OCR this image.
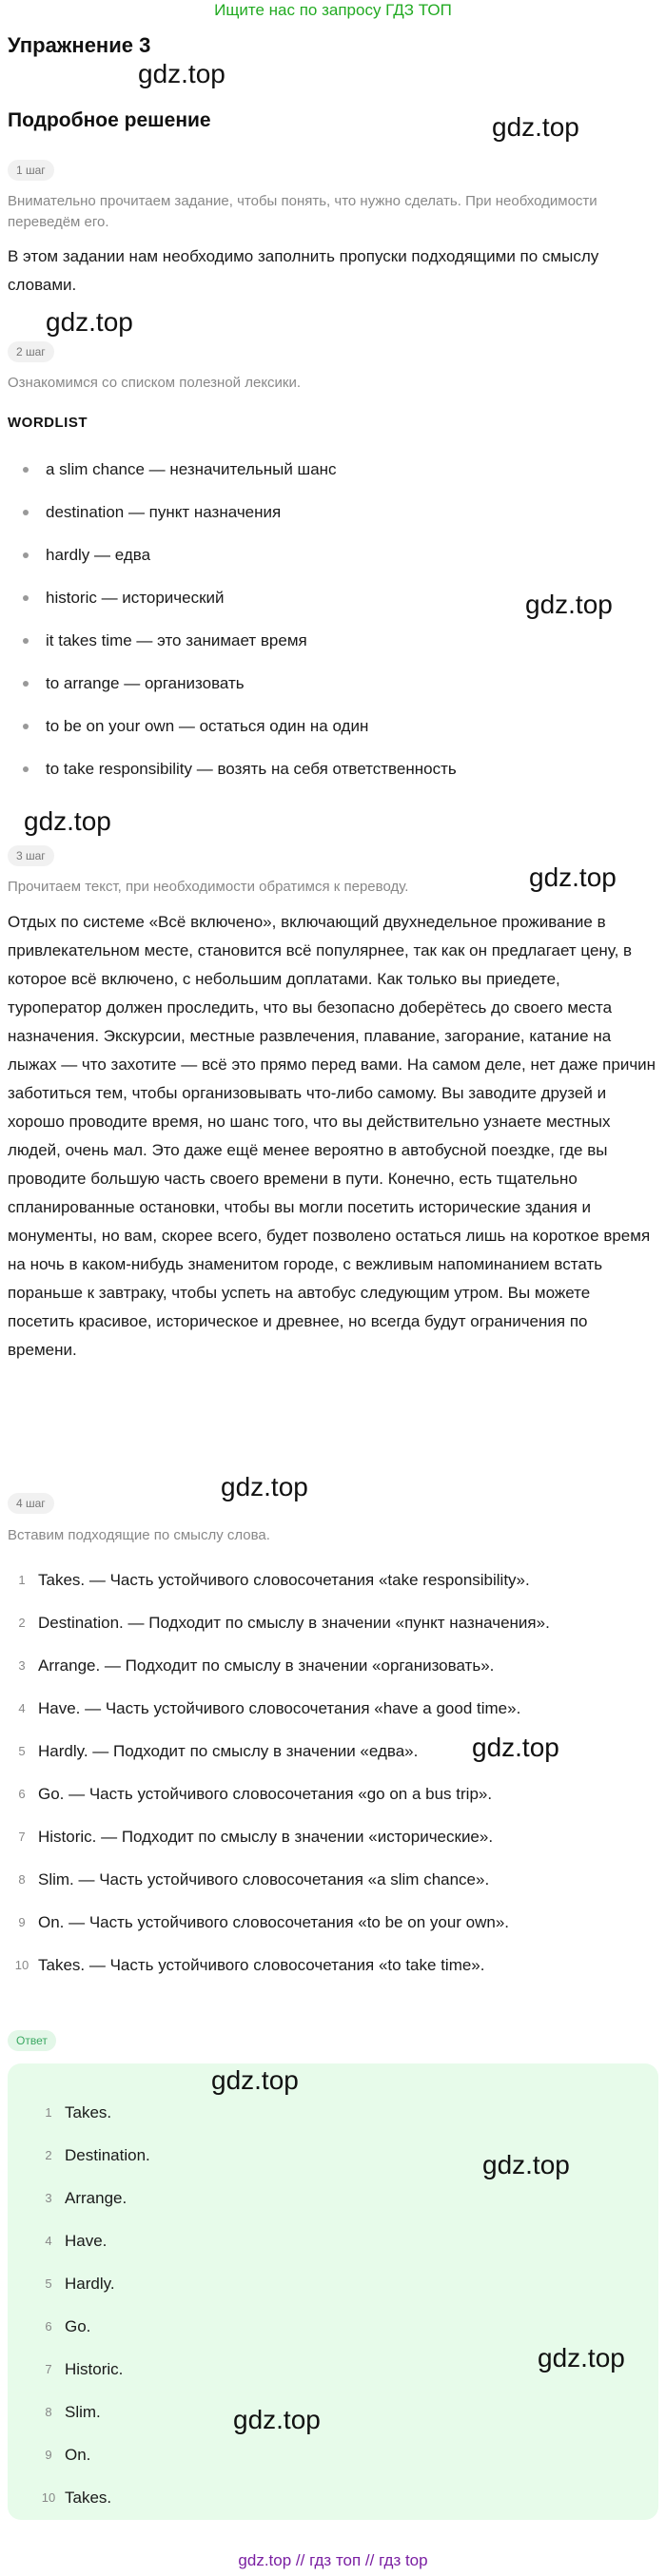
Ищите нас по запросу ГДЗ ТОП
Упражнение 3
gdz.top
Подробное решение	gdz.top
1 шаг
Внимательно прочитаем задание, чтобы понять, что нужно сделать. При необходимости переведём его.
В этом задании нам необходимо заполнить пропуски подходящими по смыслу словами.
gdz.top
2 шаг
Ознакомимся со списком полезной лексики.
WORDLIST
a slim chance — незначительный шанс
destination — пункт назначения
hardly — едва
historic — исторический
it takes time — это занимает время
to arrange — организовать
to be on your own — остаться один на один
to take responsibility — возять на себя ответственность
gdz.top
gdz.top
3 шаг
gdz.top
Прочитаем текст, при необходимости обратимся к переводу.
Отдых по системе «Всё включено», включающий двухнедельное проживание в привлекательном месте, становится всё популярнее, так как он предлагает цену, в которое всё включено, с небольшим доплатами. Как только вы приедете, туроператор должен проследить, что вы безопасно доберётесь до своего места назначения. Экскурсии, местные развлечения, плавание, загорание, катание на лыжах — что захотите — всё это прямо перед вами. На самом деле, нет даже причин заботиться тем, чтобы организовывать что-либо самому. Вы заводите друзей и хорошо проводите время, но шанс того, что вы действительно узнаете местных людей, очень мал. Это даже ещё менее вероятно в автобусной поездке, где вы проводите большую часть своего времени в пути. Конечно, есть тщательно спланированные остановки, чтобы вы могли посетить исторические здания и монументы, но вам, скорее всего, будет позволено остаться лишь на короткое время на ночь в каком-нибудь знаменитом городе, с вежливым напоминанием встать пораньше к завтраку, чтобы успеть на автобус следующим утром. Вы можете посетить красивое, историческое и древнее, но всегда будут ограничения по времени.
4 шаг
gdz.top
Вставим подходящие по смыслу слова.
1 Takes. — Часть устойчивого словосочетания «take responsibility».
2 Destination. — Подходит по смыслу в значении «пункт назначения».
3 Arrange. — Подходит по смыслу в значении «организовать».
4 Have. — Часть устойчивого словосочетания «have a good time».
5 Hardly. — Подходит по смыслу в значении «едва».
6 Go. — Часть устойчивого словосочетания «go on a bus trip».
7 Historic. — Подходит по смыслу в значении «исторические».
8 Slim. — Часть устойчивого словосочетания «a slim chance».
9 On. — Часть устойчивого словосочетания «to be on your own».
10 Takes. — Часть устойчивого словосочетания «to take time».
gdz.top
Ответ
1 Takes.
2 Destination.
3 Arrange.
4 Have.
5 Hardly.
6 Go.
7 Historic.
8 Slim.
9 On.
10 Takes.
gdz.top
gdz.top
gdz.top
gdz.top
gdz.top // гдз топ // гдз top
